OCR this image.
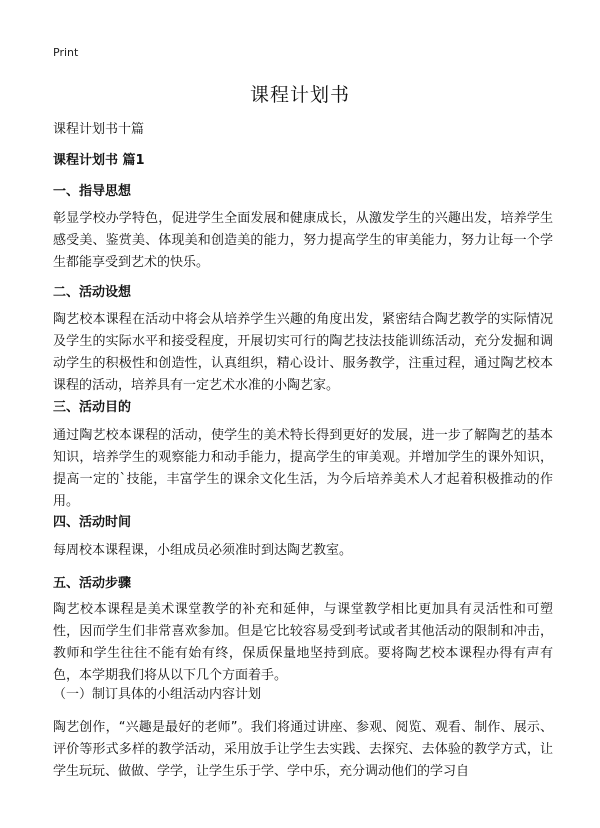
Print
课程计划书

课程计划书十篇

课程计划书 篇1

一、指导思想

彰显学校办学特色，促进学生全面发展和健康成长，从激发学生的兴趣出发，培养学生感受美、鉴赏美、体现美和创造美的能力，努力提高学生的审美能力，努力让每一个学生都能享受到艺术的快乐。

二、活动设想

陶艺校本课程在活动中将会从培养学生兴趣的角度出发，紧密结合陶艺教学的实际情况及学生的实际水平和接受程度，开展切实可行的陶艺技法技能训练活动，充分发掘和调动学生的积极性和创造性，认真组织，精心设计、服务教学，注重过程，通过陶艺校本课程的活动，培养具有一定艺术水准的小陶艺家。

三、活动目的

通过陶艺校本课程的活动，使学生的美术特长得到更好的发展，进一步了解陶艺的基本知识，培养学生的观察能力和动手能力，提高学生的审美观。并增加学生的课外知识，提高一定的`技能，丰富学生的课余文化生活，为今后培养美术人才起着积极推动的作用。

四、活动时间

每周校本课程课，小组成员必须准时到达陶艺教室。

五、活动步骤

陶艺校本课程是美术课堂教学的补充和延伸，与课堂教学相比更加具有灵活性和可塑性，因而学生们非常喜欢参加。但是它比较容易受到考试或者其他活动的限制和冲击，教师和学生往往不能有始有终，保质保量地坚持到底。要将陶艺校本课程办得有声有色，本学期我们将从以下几个方面着手。

（一）制订具体的小组活动内容计划

陶艺创作，“兴趣是最好的老师”。我们将通过讲座、参观、阅览、观看、制作、展示、评价等形式多样的教学活动，采用放手让学生去实践、去探究、去体验的教学方式，让学生玩玩、做做、学学，让学生乐于学、学中乐，充分调动他们的学习自
